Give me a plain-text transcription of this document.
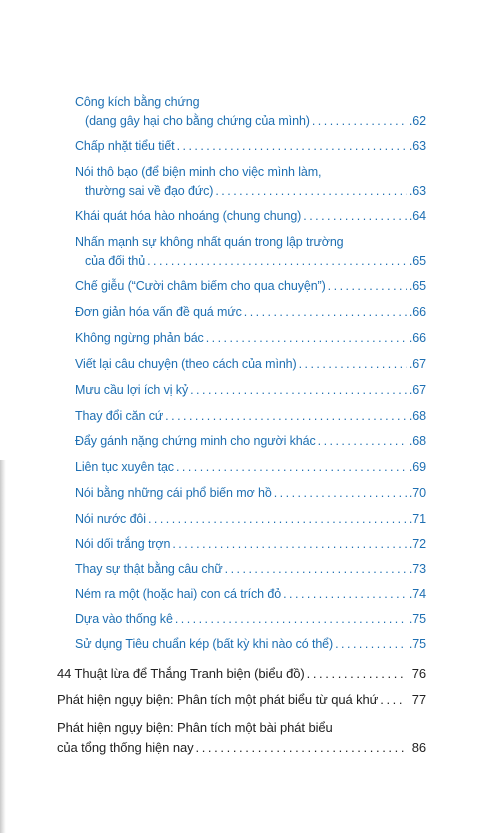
Công kích bằng chứng
(dang gây hại cho bằng chứng của mình) . . .	.62
Chấp nhặt tiểu tiết . . .	.63
Nói thô bạo (để biện minh cho việc mình làm,
thường sai về đạo đức) . . .	.63
Khái quát hóa hào nhoáng (chung chung) . . .	.64
Nhấn mạnh sự không nhất quán trong lập trường
của đối thủ . . .	.65
Chế giễu (“Cười châm biếm cho qua chuyện”) . . .	.65
Đơn giản hóa vấn đề quá mức . . .	.66
Không ngừng phản bác . . .	.66
Viết lại câu chuyện (theo cách của mình) . . .	.67
Mưu cầu lợi ích vị kỷ . . .	.67
Thay đổi căn cứ . . .	.68
Đẩy gánh nặng chứng minh cho người khác . . .	.68
Liên tục xuyên tạc . . .	.69
Nói bằng những cái phổ biến mơ hồ . . .	.70
Nói nước đôi . . .	.71
Nói dối trắng trợn . . .	.72
Thay sự thật bằng câu chữ . . .	.73
Ném ra một (hoặc hai) con cá trích đỏ . . .	.74
Dựa vào thống kê . . .	.75
Sử dụng Tiêu chuẩn kép (bất kỳ khi nào có thể) . . .	.75
44 Thuật lừa để Thắng Tranh biện (biểu đồ) . . .	76
Phát hiện ngụy biện: Phân tích một phát biểu từ quá khứ . . .	77
Phát hiện ngụy biện: Phân tích một bài phát biểu
của tổng thống hiện nay . . .	86
